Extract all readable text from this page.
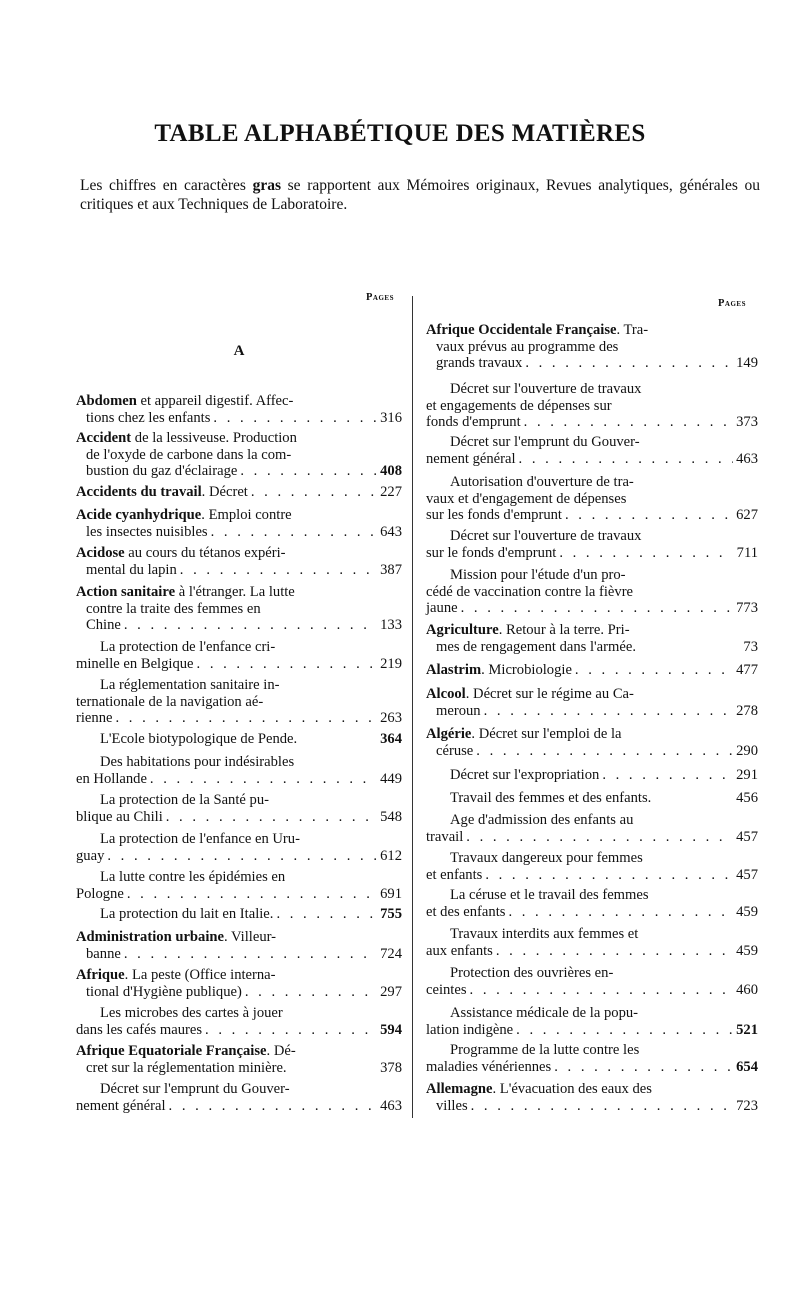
TABLE ALPHABÉTIQUE DES MATIÈRES

Les chiffres en caractères gras se rapportent aux Mémoires originaux, Revues analytiques, générales ou critiques et aux Techniques de Laboratoire.

Pages
Pages
A
Abdomen et appareil digestif. Affec-
tions chez les enfants . . .	316
Accident de la lessiveuse. Production
de l'oxyde de carbone dans la com-
bustion du gaz d'éclairage . . .	408
Accidents du travail. Décret . . .	227
Acide cyanhydrique. Emploi contre
les insectes nuisibles . . .	643
Acidose au cours du tétanos expéri-
mental du lapin . . .	387
Action sanitaire à l'étranger. La lutte
contre la traite des femmes en
Chine . . .	133
La protection de l'enfance cri-
minelle en Belgique . . .	219
La réglementation sanitaire in-
ternationale de la navigation aé-
rienne . . .	263
L'Ecole biotypologique de Pende.	364
Des habitations pour indésirables
en Hollande . . .	449
La protection de la Santé pu-
blique au Chili . . .	548
La protection de l'enfance en Uru-
guay . . .	612
La lutte contre les épidémies en
Pologne . . .	691
La protection du lait en Italie. . . .	755
Administration urbaine. Villeur-
banne . . .	724
Afrique. La peste (Office interna-
tional d'Hygiène publique) . . .	297
Les microbes des cartes à jouer
dans les cafés maures . . .	594
Afrique Equatoriale Française. Dé-
cret sur la réglementation minière.	378
Décret sur l'emprunt du Gouver-
nement général . . .	463
Afrique Occidentale Française. Tra-
vaux prévus au programme des
grands travaux . . .	149
Décret sur l'ouverture de travaux
et engagements de dépenses sur
fonds d'emprunt . . .	373
Décret sur l'emprunt du Gouver-
nement général . . .	463
Autorisation d'ouverture de tra-
vaux et d'engagement de dépenses
sur les fonds d'emprunt . . .	627
Décret sur l'ouverture de travaux
sur le fonds d'emprunt . . .	711
Mission pour l'étude d'un pro-
cédé de vaccination contre la fièvre
jaune . . .	773
Agriculture. Retour à la terre. Pri-
mes de rengagement dans l'armée.	73
Alastrim. Microbiologie . . .	477
Alcool. Décret sur le régime au Ca-
meroun . . .	278
Algérie. Décret sur l'emploi de la
céruse . . .	290
Décret sur l'expropriation . . .	291
Travail des femmes et des enfants.	456
Age d'admission des enfants au
travail . . .	457
Travaux dangereux pour femmes
et enfants . . .	457
La céruse et le travail des femmes
et des enfants . . .	459
Travaux interdits aux femmes et
aux enfants . . .	459
Protection des ouvrières en-
ceintes . . .	460
Assistance médicale de la popu-
lation indigène . . .	521
Programme de la lutte contre les
maladies vénériennes . . .	654
Allemagne. L'évacuation des eaux des
villes . . .	723
